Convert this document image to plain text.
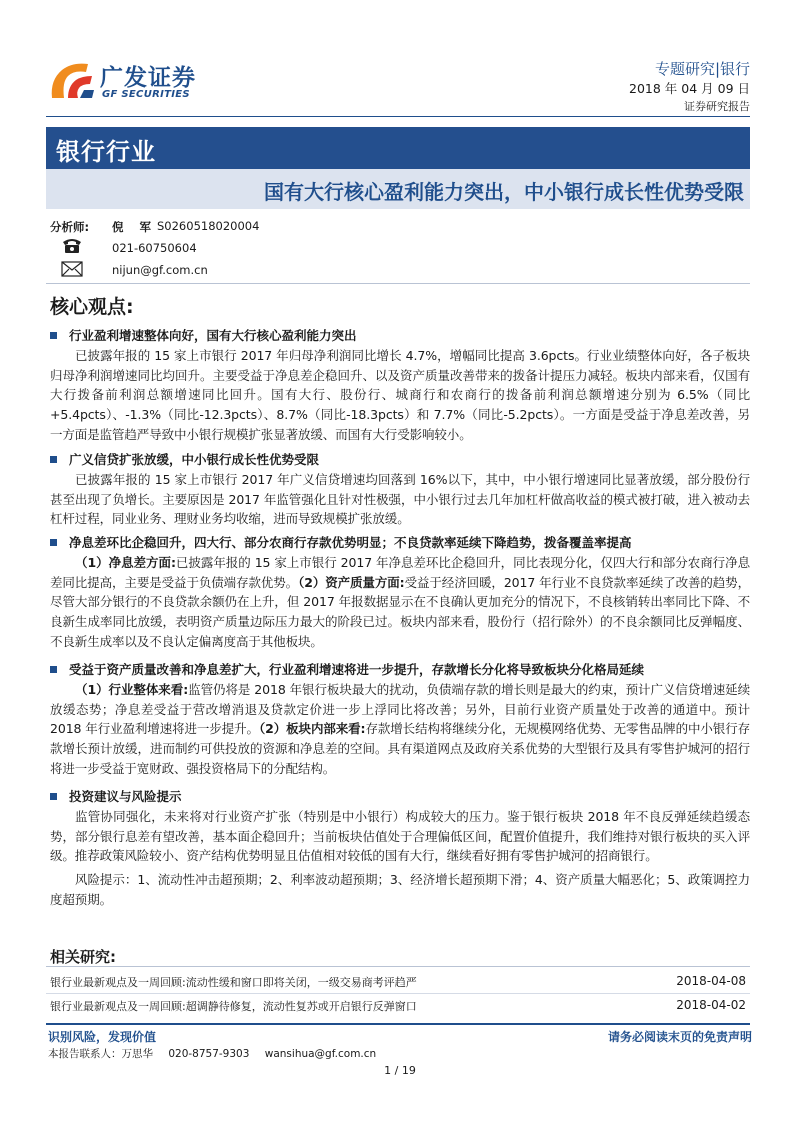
广发证券
GF SECURITIES
专题研究|银行
2018 年 04 月 09 日
证券研究报告
银行行业
国有大行核心盈利能力突出，中小银行成长性优势受限
分析师: 倪 军 S0260518020004
021-60750604
nijun@gf.com.cn
核心观点:
行业盈利增速整体向好，国有大行核心盈利能力突出
已披露年报的 15 家上市银行 2017 年归母净利润同比增长 4.7%，增幅同比提高 3.6pcts。行业业绩整体向好，各子板块归母净利润增速同比均回升。主要受益于净息差企稳回升、以及资产质量改善带来的拨备计提压力减轻。板块内部来看，仅国有大行拨备前利润总额增速同比回升。国有大行、股份行、城商行和农商行的拨备前利润总额增速分别为 6.5%（同比+5.4pcts）、-1.3%（同比-12.3pcts）、8.7%（同比-18.3pcts）和 7.7%（同比-5.2pcts）。一方面是受益于净息差改善，另一方面是监管趋严导致中小银行规模扩张显著放缓、而国有大行受影响较小。
广义信贷扩张放缓，中小银行成长性优势受限
已披露年报的 15 家上市银行 2017 年广义信贷增速均回落到 16%以下，其中，中小银行增速同比显著放缓，部分股份行甚至出现了负增长。主要原因是 2017 年监管强化且针对性极强，中小银行过去几年加杠杆做高收益的模式被打破，进入被动去杠杆过程，同业业务、理财业务均收缩，进而导致规模扩张放缓。
净息差环比企稳回升，四大行、部分农商行存款优势明显；不良贷款率延续下降趋势，拨备覆盖率提高
（1）净息差方面:已披露年报的 15 家上市银行 2017 年净息差环比企稳回升，同比表现分化，仅四大行和部分农商行净息差同比提高，主要是受益于负债端存款优势。（2）资产质量方面:受益于经济回暖，2017 年行业不良贷款率延续了改善的趋势，尽管大部分银行的不良贷款余额仍在上升，但 2017 年报数据显示在不良确认更加充分的情况下，不良核销转出率同比下降、不良新生成率同比放缓，表明资产质量边际压力最大的阶段已过。板块内部来看，股份行（招行除外）的不良余额同比反弹幅度、不良新生成率以及不良认定偏离度高于其他板块。
受益于资产质量改善和净息差扩大，行业盈利增速将进一步提升，存款增长分化将导致板块分化格局延续
（1）行业整体来看:监管仍将是 2018 年银行板块最大的扰动，负债端存款的增长则是最大的约束，预计广义信贷增速延续放缓态势；净息差受益于营改增消退及贷款定价进一步上浮同比将改善；另外，目前行业资产质量处于改善的通道中。预计 2018 年行业盈利增速将进一步提升。（2）板块内部来看:存款增长结构将继续分化，无规模网络优势、无零售品牌的中小银行存款增长预计放缓，进而制约可供投放的资源和净息差的空间。具有渠道网点及政府关系优势的大型银行及具有零售护城河的招行将进一步受益于宽财政、强投资格局下的分配结构。
投资建议与风险提示
监管协同强化，未来将对行业资产扩张（特别是中小银行）构成较大的压力。鉴于银行板块 2018 年不良反弹延续趋缓态势，部分银行息差有望改善，基本面企稳回升；当前板块估值处于合理偏低区间，配置价值提升，我们维持对银行板块的买入评级。推荐政策风险较小、资产结构优势明显且估值相对较低的国有大行，继续看好拥有零售护城河的招商银行。
风险提示：1、流动性冲击超预期；2、利率波动超预期；3、经济增长超预期下滑；4、资产质量大幅恶化；5、政策调控力度超预期。
相关研究:
银行业最新观点及一周回顾:流动性缓和窗口即将关闭，一级交易商考评趋严	2018-04-08
银行业最新观点及一周回顾:超调静待修复，流动性复苏或开启银行反弹窗口	2018-04-02
识别风险，发现价值	请务必阅读末页的免责声明
本报告联系人：万思华 020-8757-9303 wansihua@gf.com.cn
1 / 19
